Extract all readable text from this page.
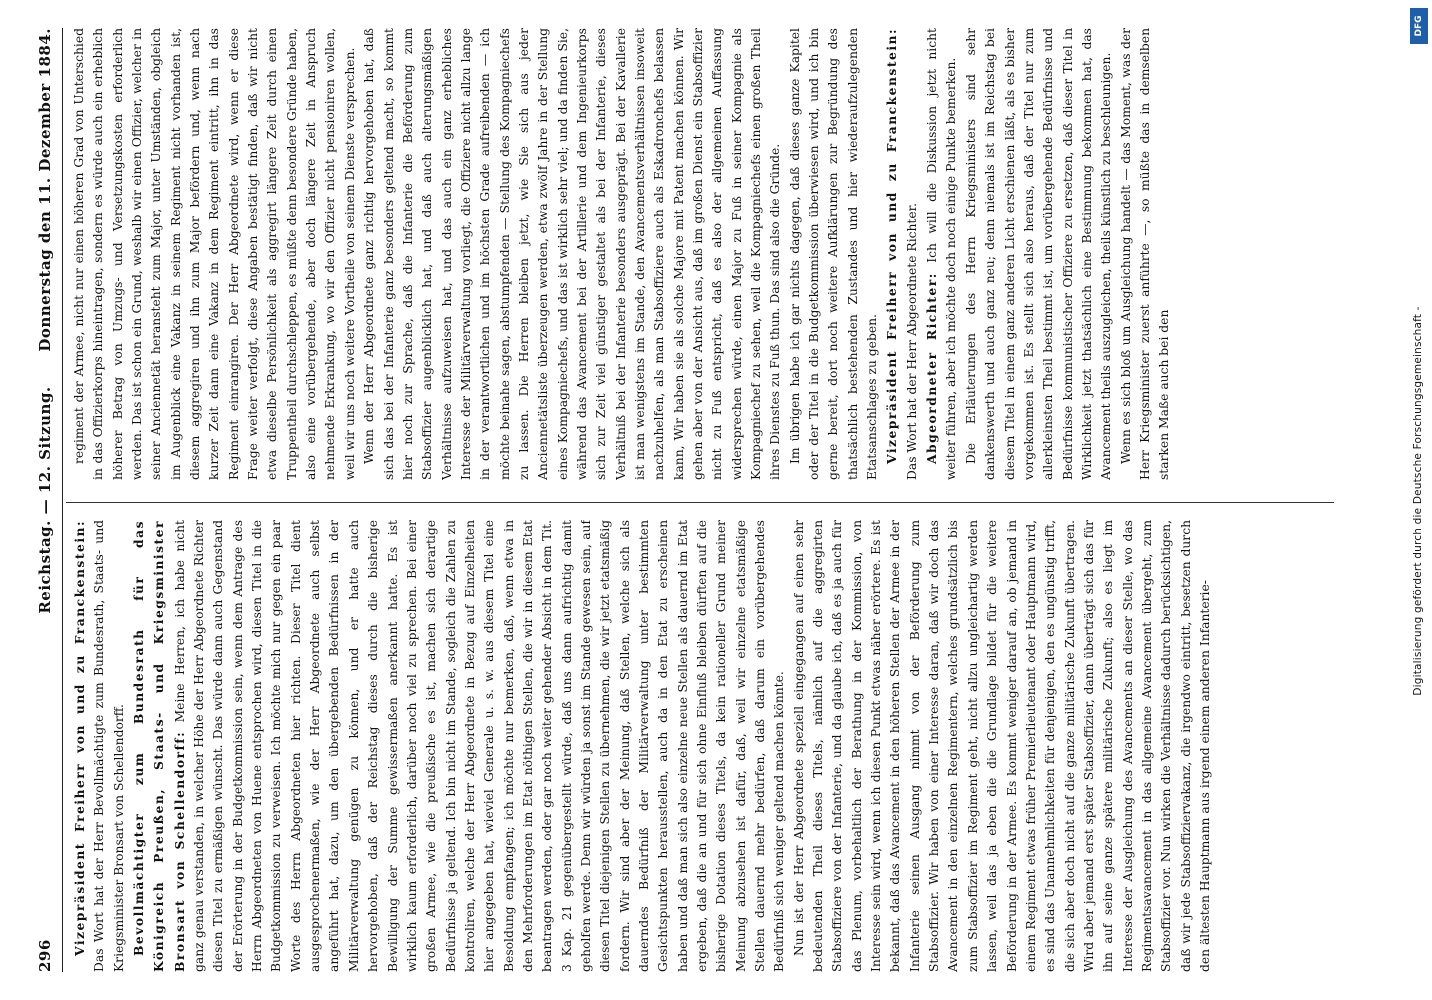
296
Reichstag. — 12. Sitzung.
Donnerstag den 11. Dezember 1884.

Vizepräsident Freiherr von und zu Franckenstein: Das Wort hat der Herr Bevollmächtigte zum Bundesrath, Staats- und Kriegsminister Bronsart von Schellendorff. Bevollmächtigter zum Bundesrath für das Königreich Preußen, Staats- und Kriegsminister Bronsart von Schellendorff: Meine Herren, ich habe nicht ganz genau verstanden, in welcher Höhe der Herr Abgeordnete Richter diesen Titel zu ermäßigen wünscht. Das würde dann auch Gegenstand der Erörterung in der Budgetkommission sein, wenn dem Antrage des Herrn Abgeordneten von Huene entsprochen wird, diesen Titel in die Budgetkommission zu verweisen. Ich möchte mich nur gegen ein paar Worte des Herrn Abgeordneten hier richten. Dieser Titel dient ausgesprochenermaßen, wie der Herr Abgeordnete auch selbst angeführt hat, dazu, um den übergebenden Bedürfnissen in der Militärverwaltung genügen zu können, und er hatte auch hervorgehoben, daß der Reichstag dieses durch die bisherige Bewilligung der Summe gewissermaßen anerkannt hatte. Es ist wirklich kaum erforderlich, darüber noch viel zu sprechen. Bei einer großen Armee, wie die preußische es ist, machen sich derartige Bedürfnisse ja geltend. Ich bin nicht im Stande, sogleich die Zahlen zu kontroliren, welche der Herr Abgeordnete in Bezug auf Einzelheiten hier angegeben hat, wieviel Generale u. s. w. aus diesem Titel eine Besoldung empfangen; ich möchte nur bemerken, daß, wenn etwa in den Mehrforderungen im Etat nöthigen Stellen, die wir in diesem Etat beantragen werden, oder gar noch weiter gehender Absicht in dem Tit. 3 Kap. 21 gegenübergestellt würde, daß uns dann aufrichtig damit geholfen werde. Denn wir würden ja sonst im Stande gewesen sein, auf diesen Titel diejenigen Stellen zu übernehmen, die wir jetzt etatsmäßig fordern. Wir sind aber der Meinung, daß Stellen, welche sich als dauerndes Bedürfniß der Militärverwaltung unter bestimmten Gesichtspunkten herausstellen, auch da in den Etat zu erscheinen haben und daß man sich also einzelne neue Stellen als dauernd im Etat ergeben, daß die an und für sich ohne Einfluß bleiben dürften auf die bisherige Dotation dieses Titels, da kein rationeller Grund meiner Meinung abzusehen ist dafür, daß, weil wir einzelne etatsmäßige Stellen dauernd mehr bedürfen, daß darum ein vorübergehendes Bedürfniß sich weniger geltend machen könnte. Nun ist der Herr Abgeordnete speziell eingegangen auf einen sehr bedeutenden Theil dieses Titels, nämlich auf die aggregirten Stabsoffiziere von der Infanterie, und da glaube ich, daß es ja auch für das Plenum, vorbehaltlich der Berathung in der Kommission, von Interesse sein wird, wenn ich diesen Punkt etwas näher erörtere. Es ist bekannt, daß das Avancement in den höheren Stellen der Armee in der Infanterie seinen Ausgang nimmt von der Beförderung zum Stabsoffizier. Wir haben von einer Interesse daran, daß wir doch das Avancement in den einzelnen Regimentern, welches grundsätzlich bis zum Stabsoffizier im Regiment geht, nicht allzu ungleichartig werden lassen, weil das ja eben die die Grundlage bildet für die weitere Beförderung in der Armee. Es kommt weniger darauf an, ob jemand in einem Regiment etwas früher Premierlieutenant oder Hauptmann wird, es sind das Unannehmlichkeiten für denjenigen, den es ungünstig trifft, die sich aber doch nicht auf die ganze militärische Zukunft übertragen. Wird aber jemand erst später Stabsoffizier, dann überträgt sich das für ihn auf seine ganze spätere militärische Zukunft; also es liegt im Interesse der Ausgleichung des Avancements an dieser Stelle, wo das Regimentsavancement in das allgemeine Avancement übergeht, zum Stabsoffizier vor. Nun wirken die Verhältnisse dadurch berücksichtigen, daß wir jede Stabsoffiziervakanz, die irgendwo eintritt, besetzen durch den ältesten Hauptmann aus irgend einem anderen Infanterie-

regiment der Armee, nicht nur einen höheren Grad von Unterschied in das Offizierkorps hineintragen, sondern es würde auch ein erheblich höherer Betrag von Umzugs- und Versetzungskosten erforderlich werden. Das ist schon ein Grund, weshalb wir einen Offizier, welcher in seiner Anciennetät heransteht zum Major, unter Umständen, obgleich im Augenblick eine Vakanz in seinem Regiment nicht vorhanden ist, diesem aggregiren und ihn zum Major befördern und, wenn nach kurzer Zeit dann eine Vakanz in dem Regiment eintritt, ihn in das Regiment einrangiren. Der Herr Abgeordnete wird, wenn er diese Frage weiter verfolgt, diese Angaben bestätigt finden, daß wir nicht etwa dieselbe Persönlichkeit als aggregirt längere Zeit durch einen Truppentheil durchschleppen, es müßte denn besondere Gründe haben, also eine vorübergehende, aber doch längere Zeit in Anspruch nehmende Erkrankung, wo wir den Offizier nicht pensioniren wollen, weil wir uns noch weitere Vortheile von seinem Dienste versprechen. Wenn der Herr Abgeordnete ganz richtig hervorgehoben hat, daß sich das bei der Infanterie ganz besonders geltend macht, so kommt hier noch zur Sprache, daß die Infanterie die Beförderung zum Stabsoffizier augenblicklich hat, und daß auch alterungsmäßigen Verhältnisse aufzuweisen hat, und das auch ein ganz erhebliches Interesse der Militärverwaltung vorliegt, die Offiziere nicht allzu lange in der verantwortlichen und im höchsten Grade aufreibenden — ich möchte beinahe sagen, abstumpfenden — Stellung des Kompagniechefs zu lassen. Die Herren bleiben jetzt, wie Sie sich aus jeder Anciennetätsliste überzeugen werden, etwa zwölf Jahre in der Stellung eines Kompagniechefs, und das ist wirklich sehr viel; und da finden Sie, während das Avancement bei der Artillerie und dem Ingenieurkorps sich zur Zeit viel günstiger gestaltet als bei der Infanterie, dieses Verhältniß bei der Infanterie besonders ausgeprägt. Bei der Kavallerie ist man wenigstens im Stande, den Avancementsverhältnissen insoweit nachzuhelfen, als man Stabsoffiziere auch als Eskadronchefs belassen kann, Wir haben sie als solche Majore mit Patent machen können. Wir gehen aber von der Ansicht aus, daß im großen Dienst ein Stabsoffizier nicht zu Fuß entspricht, daß es also der allgemeinen Auffassung widersprechen würde, einen Major zu Fuß in seiner Kompagnie als Kompagniechef zu sehen, weil die Kompagniechefs einen großen Theil ihres Dienstes zu Fuß thun. Das sind also die Gründe. Im übrigen habe ich gar nichts dagegen, daß dieses ganze Kapitel oder der Titel in die Budgetkommission überwiesen wird, und ich bin gerne bereit, dort noch weitere Aufklärungen zur Begründung des thatsächlich bestehenden Zustandes und hier wiederaufzulegenden Etatsanschlages zu geben. Vizepräsident Freiherr von und zu Franckenstein: Das Wort hat der Herr Abgeordnete Richter. Abgeordneter Richter: Ich will die Diskussion jetzt nicht weiter führen, aber ich möchte doch noch einige Punkte bemerken. Die Erläuterungen des Herrn Kriegsministers sind sehr dankenswerth und auch ganz neu; denn niemals ist im Reichstag bei diesem Titel in einem ganz anderen Licht erschienen läßt, als es bisher vorgekommen ist. Es stellt sich also heraus, daß der Titel nur zum allerkleinsten Theil bestimmt ist, um vorübergehende Bedürfnisse und Bedürfnisse kommunistischer Offiziere zu ersetzen, daß dieser Titel in Wirklichkeit jetzt thatsächlich eine Bestimmung bekommen hat, das Avancement theils auszugleichen, theils künstlich zu beschleunigen. Wenn es sich bloß um Ausgleichung handelt — das Moment, was der Herr Kriegsminister zuerst anführte —, so müßte das in demselben starken Maße auch bei den	Digitalisierung gefördert durch die Deutsche Forschungsgemeinschaft -
DFG
